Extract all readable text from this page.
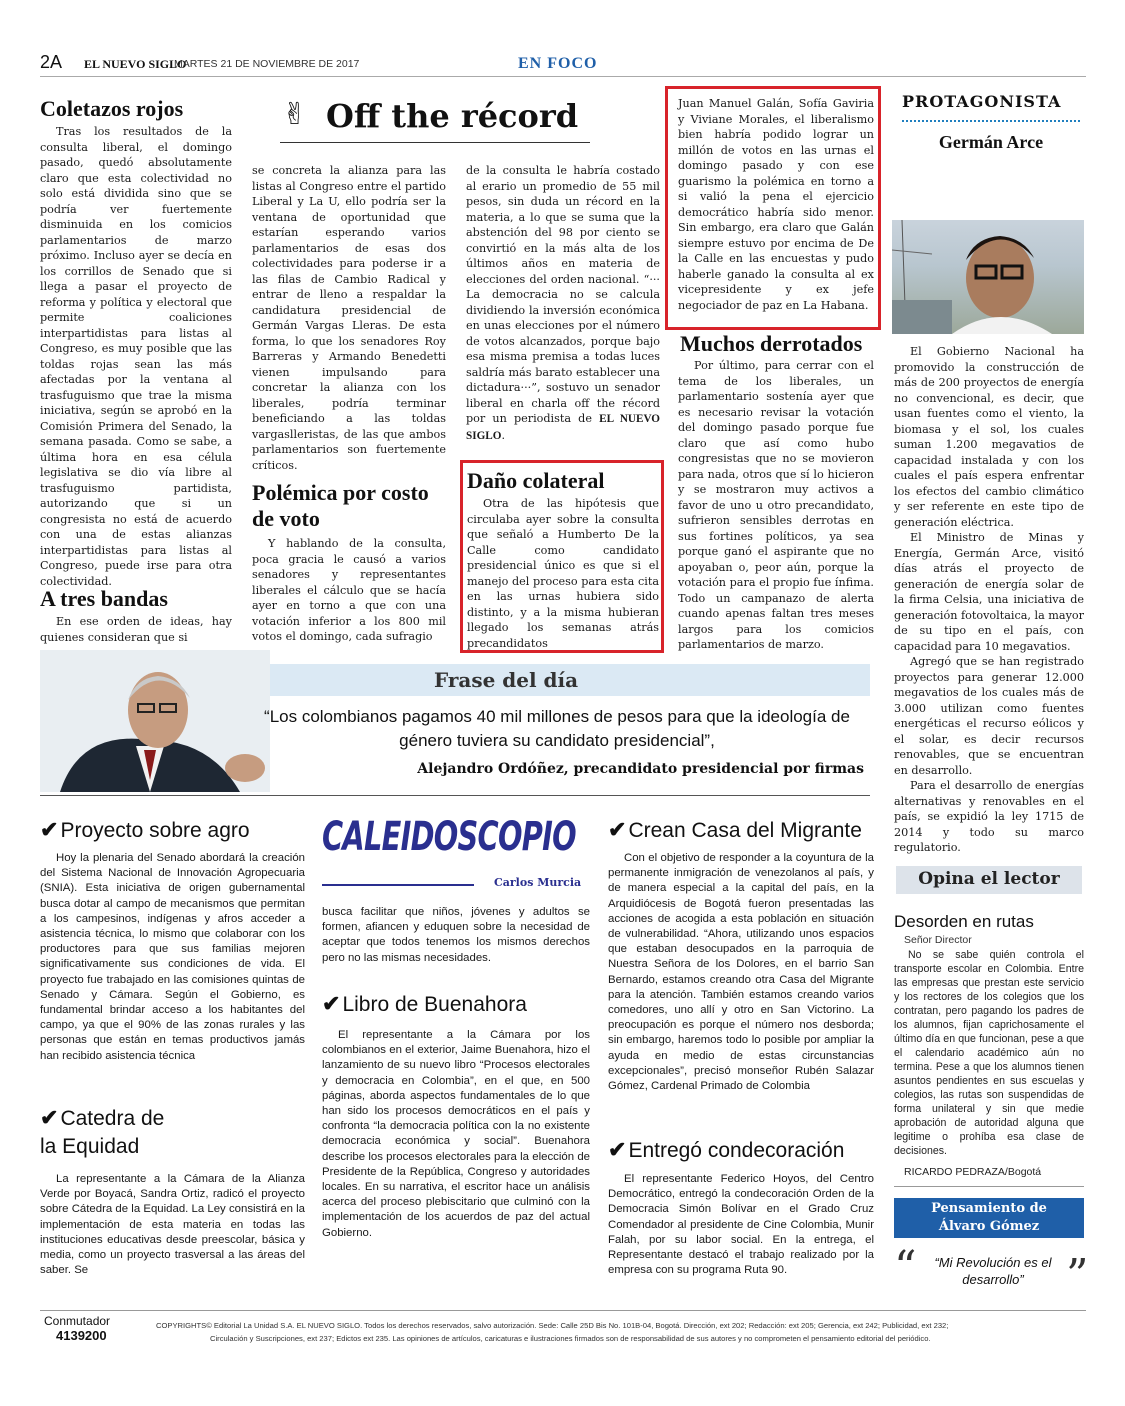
2A EL NUEVO SIGLO
MARTES 21 DE NOVIEMBRE DE 2017	EN FOCO
✌ Off the récord
Coletazos rojos

Tras los resultados de la consulta liberal, el domingo pasado, quedó absolutamente claro que esta colectividad no solo está dividida sino que se podría ver fuertemente disminuida en los comicios parlamentarios de marzo próximo. Incluso ayer se decía en los corrillos de Senado que si llega a pasar el proyecto de reforma y política y electoral que permite coaliciones interpartidistas para listas al Congreso, es muy posible que las toldas rojas sean las más afectadas por la ventana al trasfuguismo que trae la misma iniciativa, según se aprobó en la Comisión Primera del Senado, la semana pasada. Como se sabe, a última hora en esa célula legislativa se dio vía libre al trasfuguismo partidista, autorizando que si un congresista no está de acuerdo con una de estas alianzas interpartidistas para listas al Congreso, puede irse para otra colectividad.

A tres bandas

En ese orden de ideas, hay quienes consideran que si

se concreta la alianza para las listas al Congreso entre el partido Liberal y La U, ello podría ser la ventana de oportunidad que estarían esperando varios parlamentarios de esas dos colectividades para poderse ir a las filas de Cambio Radical y entrar de lleno a respaldar la candidatura presidencial de Germán Vargas Lleras. De esta forma, lo que los senadores Roy Barreras y Armando Benedetti vienen impulsando para concretar la alianza con los liberales, podría terminar beneficiando a las toldas vargaslleristas, de las que ambos parlamentarios son fuertemente críticos.

Polémica por costo de voto

Y hablando de la consulta, poca gracia le causó a varios senadores y representantes liberales el cálculo que se hacía ayer en torno a que con una votación inferior a los 800 mil votos el domingo, cada sufragio

de la consulta le habría costado al erario un promedio de 55 mil pesos, sin duda un récord en la materia, a lo que se suma que la abstención del 98 por ciento se convirtió en la más alta de los últimos años en materia de elecciones del orden nacional. “··· La democracia no se calcula dividiendo la inversión económica en unas elecciones por el número de votos alcanzados, porque bajo esa misma premisa a todas luces saldría más barato establecer una dictadura···”, sostuvo un senador liberal en charla off the récord por un periodista de EL NUEVO SIGLO.

Daño colateral

Otra de las hipótesis que circulaba ayer sobre la consulta que señaló a Humberto De la Calle como candidato presidencial único es que si el manejo del proceso para esta cita en las urnas hubiera sido distinto, y a la misma hubieran llegado los semanas atrás precandidatos

Juan Manuel Galán, Sofía Gaviria y Viviane Morales, el liberalismo bien habría podido lograr un millón de votos en las urnas el domingo pasado y con ese guarismo la polémica en torno a si valió la pena el ejercicio democrático habría sido menor. Sin embargo, era claro que Galán siempre estuvo por encima de De la Calle en las encuestas y pudo haberle ganado la consulta al ex vicepresidente y ex jefe negociador de paz en La Habana.

Muchos derrotados

Por último, para cerrar con el tema de los liberales, un parlamentario sostenía ayer que es necesario revisar la votación del domingo pasado porque fue claro que así como hubo congresistas que no se movieron para nada, otros que sí lo hicieron y se mostraron muy activos a favor de uno u otro precandidato, sufrieron sensibles derrotas en sus fortines políticos, ya sea porque ganó el aspirante que no apoyaban o, peor aún, porque la votación para el propio fue ínfima. Todo un campanazo de alerta cuando apenas faltan tres meses largos para los comicios parlamentarios de marzo.

PROTAGONISTA
Germán Arce

El Gobierno Nacional ha promovido la construcción de más de 200 proyectos de energía no convencional, es decir, que usan fuentes como el viento, la biomasa y el sol, los cuales suman 1.200 megavatios de capacidad instalada y con los cuales el país espera enfrentar los efectos del cambio climático y ser referente en este tipo de generación eléctrica.

El Ministro de Minas y Energía, Germán Arce, visitó días atrás el proyecto de generación de energía solar de la firma Celsia, una iniciativa de generación fotovoltaica, la mayor de su tipo en el país, con capacidad para 10 megavatios.

Agregó que se han registrado proyectos para generar 12.000 megavatios de los cuales más de 3.000 utilizan como fuentes energéticas el recurso eólicos y el solar, es decir recursos renovables, que se encuentran en desarrollo.

Para el desarrollo de energías alternativas y renovables en el país, se expidió la ley 1715 de 2014 y todo su marco regulatorio.

Frase del día
“Los colombianos pagamos 40 mil millones de pesos para que la ideología de género tuviera su candidato presidencial”,
Alejandro Ordóñez, precandidato presidencial por firmas
✔Proyecto sobre agro

Hoy la plenaria del Senado abordará la creación del Sistema Nacional de Innovación Agropecuaria (SNIA). Esta iniciativa de origen gubernamental busca dotar al campo de mecanismos que permitan a los campesinos, indígenas y afros acceder a asistencia técnica, lo mismo que colaborar con los productores para que sus familias mejoren significativamente sus condiciones de vida. El proyecto fue trabajado en las comisiones quintas de Senado y Cámara. Según el Gobierno, es fundamental brindar acceso a los habitantes del campo, ya que el 90% de las zonas rurales y las personas que están en temas productivos jamás han recibido asistencia técnica

✔Catedra de
la Equidad

La representante a la Cámara de la Alianza Verde por Boyacá, Sandra Ortiz, radicó el proyecto sobre Cátedra de la Equidad. La Ley consistirá en la implementación de esta materia en todas las instituciones educativas desde preescolar, básica y media, como un proyecto trasversal a las áreas del saber. Se

CALEIDOSCOPIO
Carlos Murcia

busca facilitar que niños, jóvenes y adultos se formen, afiancen y eduquen sobre la necesidad de aceptar que todos tenemos los mismos derechos pero no las mismas necesidades.

✔Libro de Buenahora

El representante a la Cámara por los colombianos en el exterior, Jaime Buenahora, hizo el lanzamiento de su nuevo libro “Procesos electorales y democracia en Colombia”, en el que, en 500 páginas, aborda aspectos fundamentales de lo que han sido los procesos democráticos en el país y confronta “la democracia política con la no existente democracia económica y social”. Buenahora describe los procesos electorales para la elección de Presidente de la República, Congreso y autoridades locales. En su narrativa, el escritor hace un análisis acerca del proceso plebiscitario que culminó con la implementación de los acuerdos de paz del actual Gobierno.

✔Crean Casa del Migrante

Con el objetivo de responder a la coyuntura de la permanente inmigración de venezolanos al país, y de manera especial a la capital del país, en la Arquidiócesis de Bogotá fueron presentadas las acciones de acogida a esta población en situación de vulnerabilidad. “Ahora, utilizando unos espacios que estaban desocupados en la parroquia de Nuestra Señora de los Dolores, en el barrio San Bernardo, estamos creando otra Casa del Migrante para la atención. También estamos creando varios comedores, uno allí y otro en San Victorino. La preocupación es porque el número nos desborda; sin embargo, haremos todo lo posible por ampliar la ayuda en medio de estas circunstancias excepcionales”, precisó monseñor Rubén Salazar Gómez, Cardenal Primado de Colombia

✔Entregó condecoración

El representante Federico Hoyos, del Centro Democrático, entregó la condecoración Orden de la Democracia Simón Bolívar en el Grado Cruz Comendador al presidente de Cine Colombia, Munir Falah, por su labor social. En la entrega, el Representante destacó el trabajo realizado por la empresa con su programa Ruta 90.

Opina el lector
Desorden en rutas
Señor Director

No se sabe quién controla el transporte escolar en Colombia. Entre las empresas que prestan este servicio y los rectores de los colegios que los contratan, pero pagando los padres de los alumnos, fijan caprichosamente el último día en que funcionan, pese a que el calendario académico aún no termina. Pese a que los alumnos tienen asuntos pendientes en sus escuelas y colegios, las rutas son suspendidas de forma unilateral y sin que medie aprobación de autoridad alguna que legitime o prohíba esa clase de decisiones.

RICARDO PEDRAZA/Bogotá
Pensamiento de
Álvaro Gómez
“	“Mi Revolución es el desarrollo” ”
Conmutador
4139200
COPYRIGHTS© Editorial La Unidad S.A. EL NUEVO SIGLO. Todos los derechos reservados, salvo autorización. Sede: Calle 25D Bis No. 101B-04, Bogotá. Dirección, ext 202; Redacción: ext 205; Gerencia, ext 242; Publicidad, ext 232;
Circulación y Suscripciones, ext 237; Edictos ext 235. Las opiniones de artículos, caricaturas e ilustraciones firmados son de responsabilidad de sus autores y no comprometen el pensamiento editorial del periódico.
